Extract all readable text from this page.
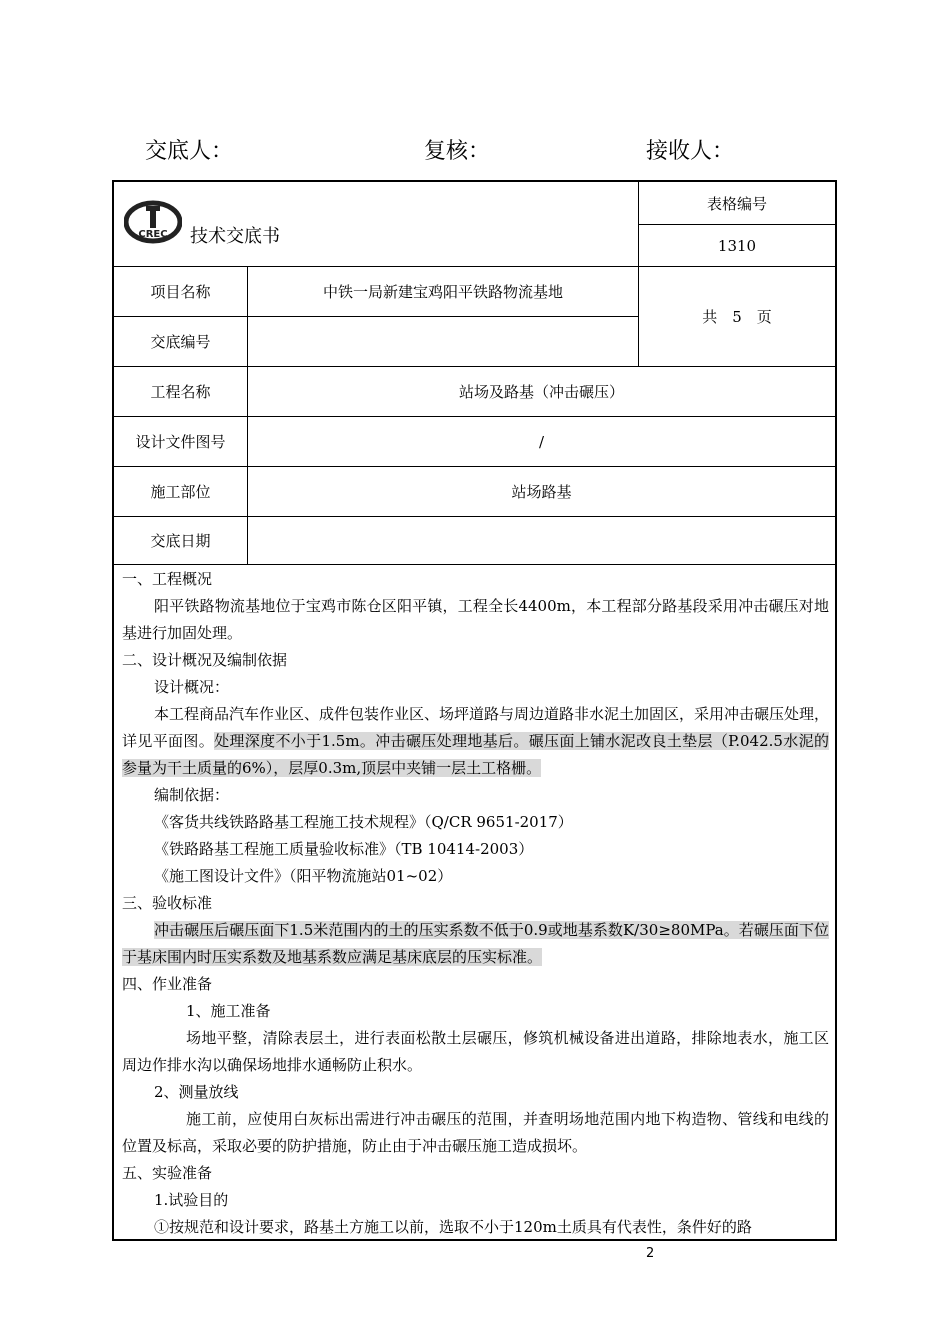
交底人：	复核：	接收人：
CREC 技术交底书
表格编号
1310
项目名称	中铁一局新建宝鸡阳平铁路物流基地
共　5　页
交底编号
工程名称	站场及路基（冲击碾压）
设计文件图号	/
施工部位	站场路基
交底日期
一、工程概况
阳平铁路物流基地位于宝鸡市陈仓区阳平镇，工程全长4400m，本工程部分路基段采用冲击碾压对地基进行加固处理。
二、设计概况及编制依据
设计概况：
本工程商品汽车作业区、成件包装作业区、场坪道路与周边道路非水泥土加固区，采用冲击碾压处理，详见平面图。处理深度不小于1.5m。冲击碾压处理地基后。碾压面上铺水泥改良土垫层（P.042.5水泥的参量为干土质量的6%），层厚0.3m,顶层中夹铺一层土工格栅。
编制依据：
《客货共线铁路路基工程施工技术规程》（Q/CR 9651-2017）
《铁路路基工程施工质量验收标准》（TB 10414-2003）
《施工图设计文件》（阳平物流施站01~02）
三、验收标准
冲击碾压后碾压面下1.5米范围内的土的压实系数不低于0.9或地基系数K/30≥80MPa。若碾压面下位于基床围内时压实系数及地基系数应满足基床底层的压实标准。
四、作业准备
1、施工准备
场地平整，清除表层土，进行表面松散土层碾压，修筑机械设备进出道路，排除地表水，施工区周边作排水沟以确保场地排水通畅防止积水。
2、测量放线
施工前，应使用白灰标出需进行冲击碾压的范围，并查明场地范围内地下构造物、管线和电线的位置及标高，采取必要的防护措施，防止由于冲击碾压施工造成损坏。
五、实验准备
1.试验目的
①按规范和设计要求，路基土方施工以前，选取不小于120m土质具有代表性，条件好的路
2
